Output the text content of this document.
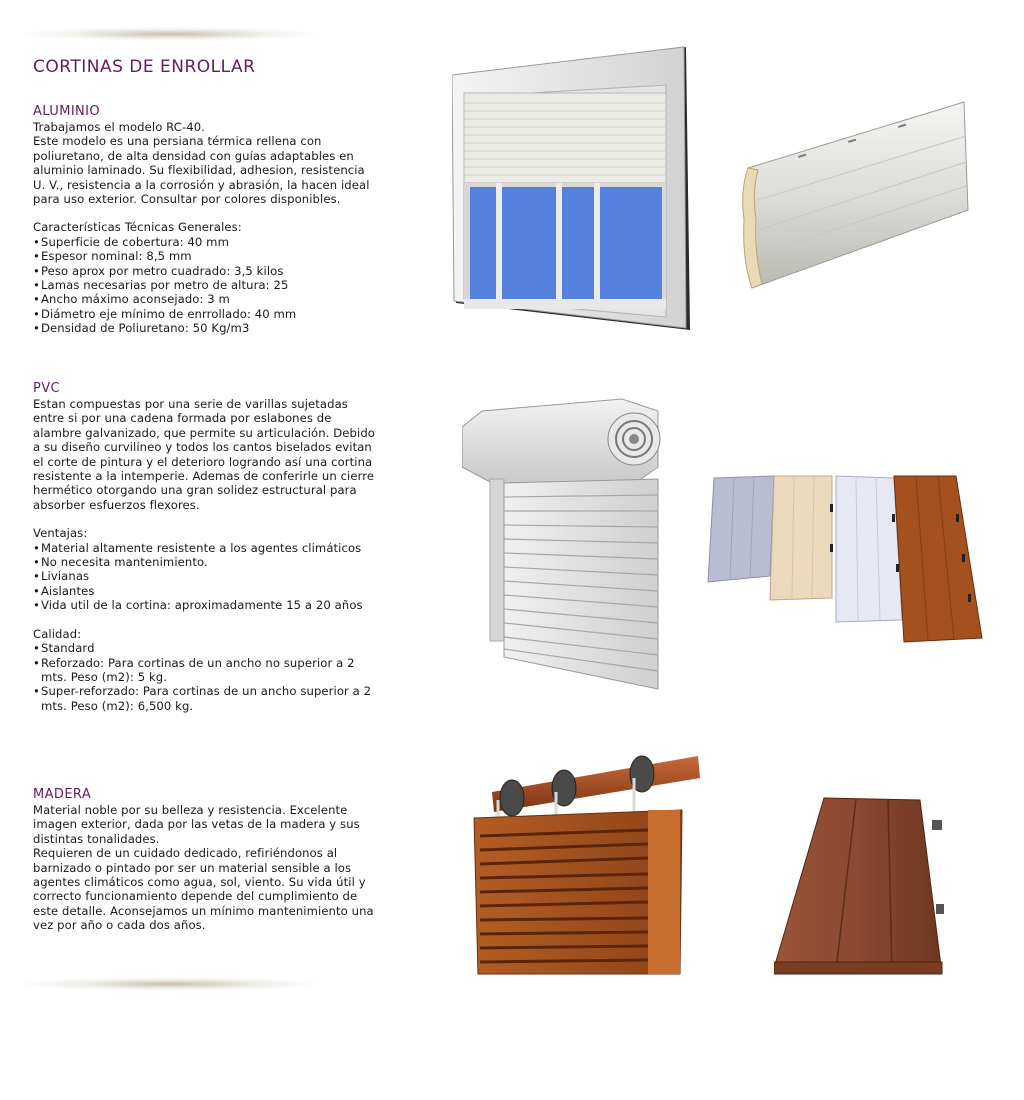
CORTINAS DE ENROLLAR
ALUMINIO

Trabajamos el modelo RC-40.

Este modelo es una persiana térmica rellena con poliuretano, de alta densidad con guías adaptables en aluminio laminado. Su flexibilidad, adhesion, resistencia U. V., resistencia a la corrosión y abrasión, la hacen ideal para uso exterior. Consultar por colores disponibles.

Características Técnicas Generales:

• Superficie de cobertura: 40 mm
• Espesor nominal: 8,5 mm
• Peso aprox por metro cuadrado: 3,5 kilos
• Lamas necesarias por metro de altura: 25
• Ancho máximo aconsejado: 3 m
• Diámetro eje mínimo de enrrollado: 40 mm
• Densidad de Poliuretano: 50 Kg/m3
PVC

Estan compuestas por una serie de varillas sujetadas entre si por una cadena formada por eslabones de alambre galvanizado, que permite su articulación. Debido a su diseño curvilíneo y todos los cantos biselados evitan el corte de pintura y el deterioro logrando así una cortina resistente a la intemperie. Ademas de conferirle un cierre hermético otorgando una gran solidez estructural para absorber esfuerzos flexores.

Ventajas:

• Material altamente resistente a los agentes climáticos
• No necesita mantenimiento.
• Livianas
• Aislantes
• Vida util de la cortina: aproximadamente 15 a 20 años

Calidad:

• Standard
• Reforzado: Para cortinas de un ancho no superior a 2 mts. Peso (m2): 5 kg.
• Super-reforzado: Para cortinas de un ancho superior a 2 mts. Peso (m2): 6,500 kg.
MADERA

Material noble por su belleza y resistencia. Excelente imagen exterior, dada por las vetas de la madera y sus distintas tonalidades.

Requieren de un cuidado dedicado, refiriéndonos al barnizado o pintado por ser un material sensible a los agentes climáticos como agua, sol, viento. Su vida útil y correcto funcionamiento depende del cumplimiento de este detalle. Aconsejamos un mínimo mantenimiento una vez por año o cada dos años.
